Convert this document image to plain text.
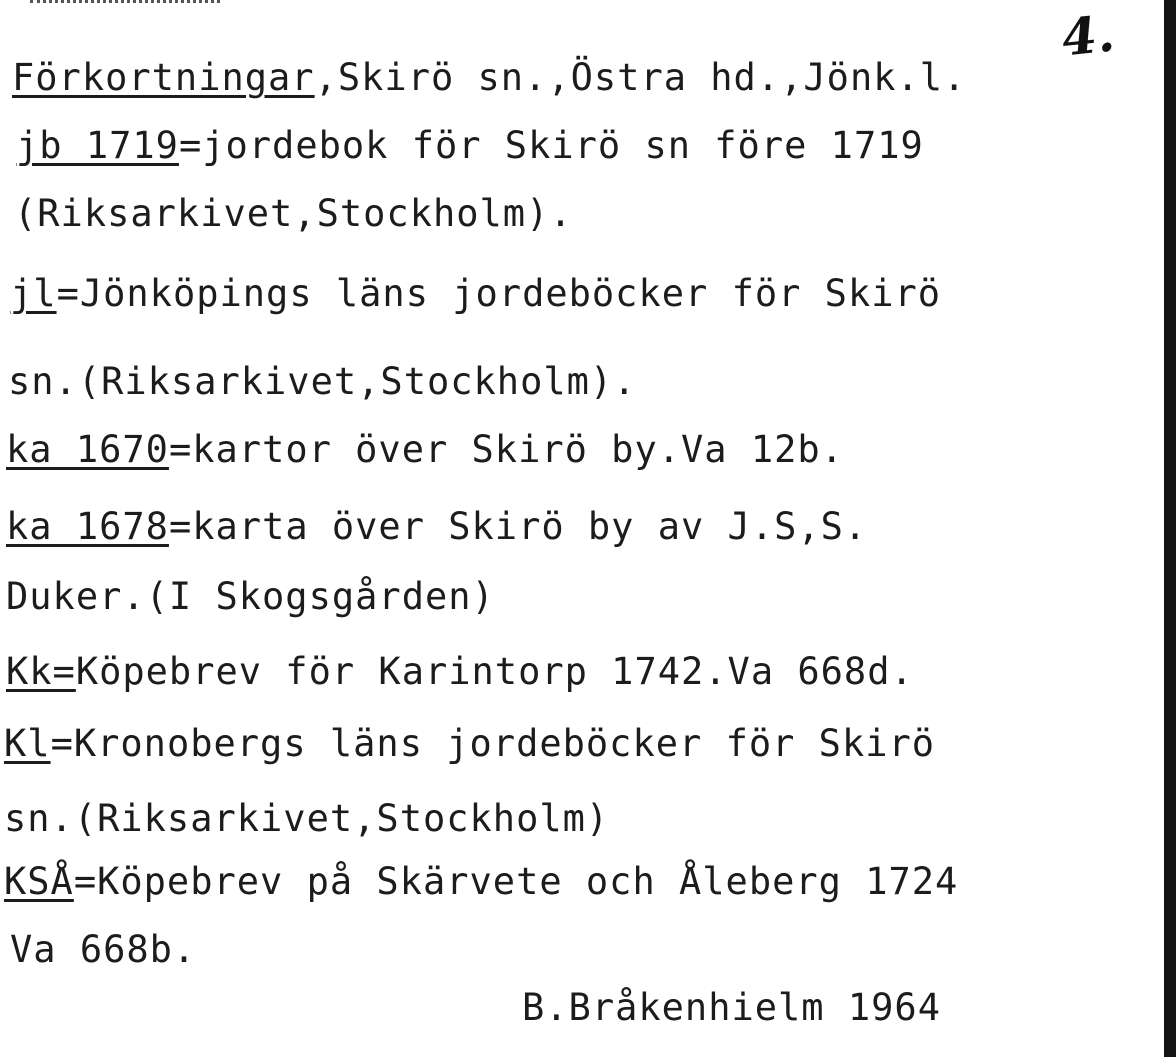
4.
Förkortningar,Skirö sn.,Östra hd.,Jönk.l.
jb 1719=jordebok för Skirö sn före 1719
(Riksarkivet,Stockholm).
jl=Jönköpings läns jordeböcker för Skirö
sn.(Riksarkivet,Stockholm).
ka 1670=kartor över Skirö by.Va 12b.
ka 1678=karta över Skirö by av J.S,S.
Duker.(I Skogsgården)
Kk=Köpebrev för Karintorp 1742.Va 668d.
Kl=Kronobergs läns jordeböcker för Skirö
sn.(Riksarkivet,Stockholm)
KSÅ=Köpebrev på Skärvete och Åleberg 1724
Va 668b.
B.Bråkenhielm 1964
